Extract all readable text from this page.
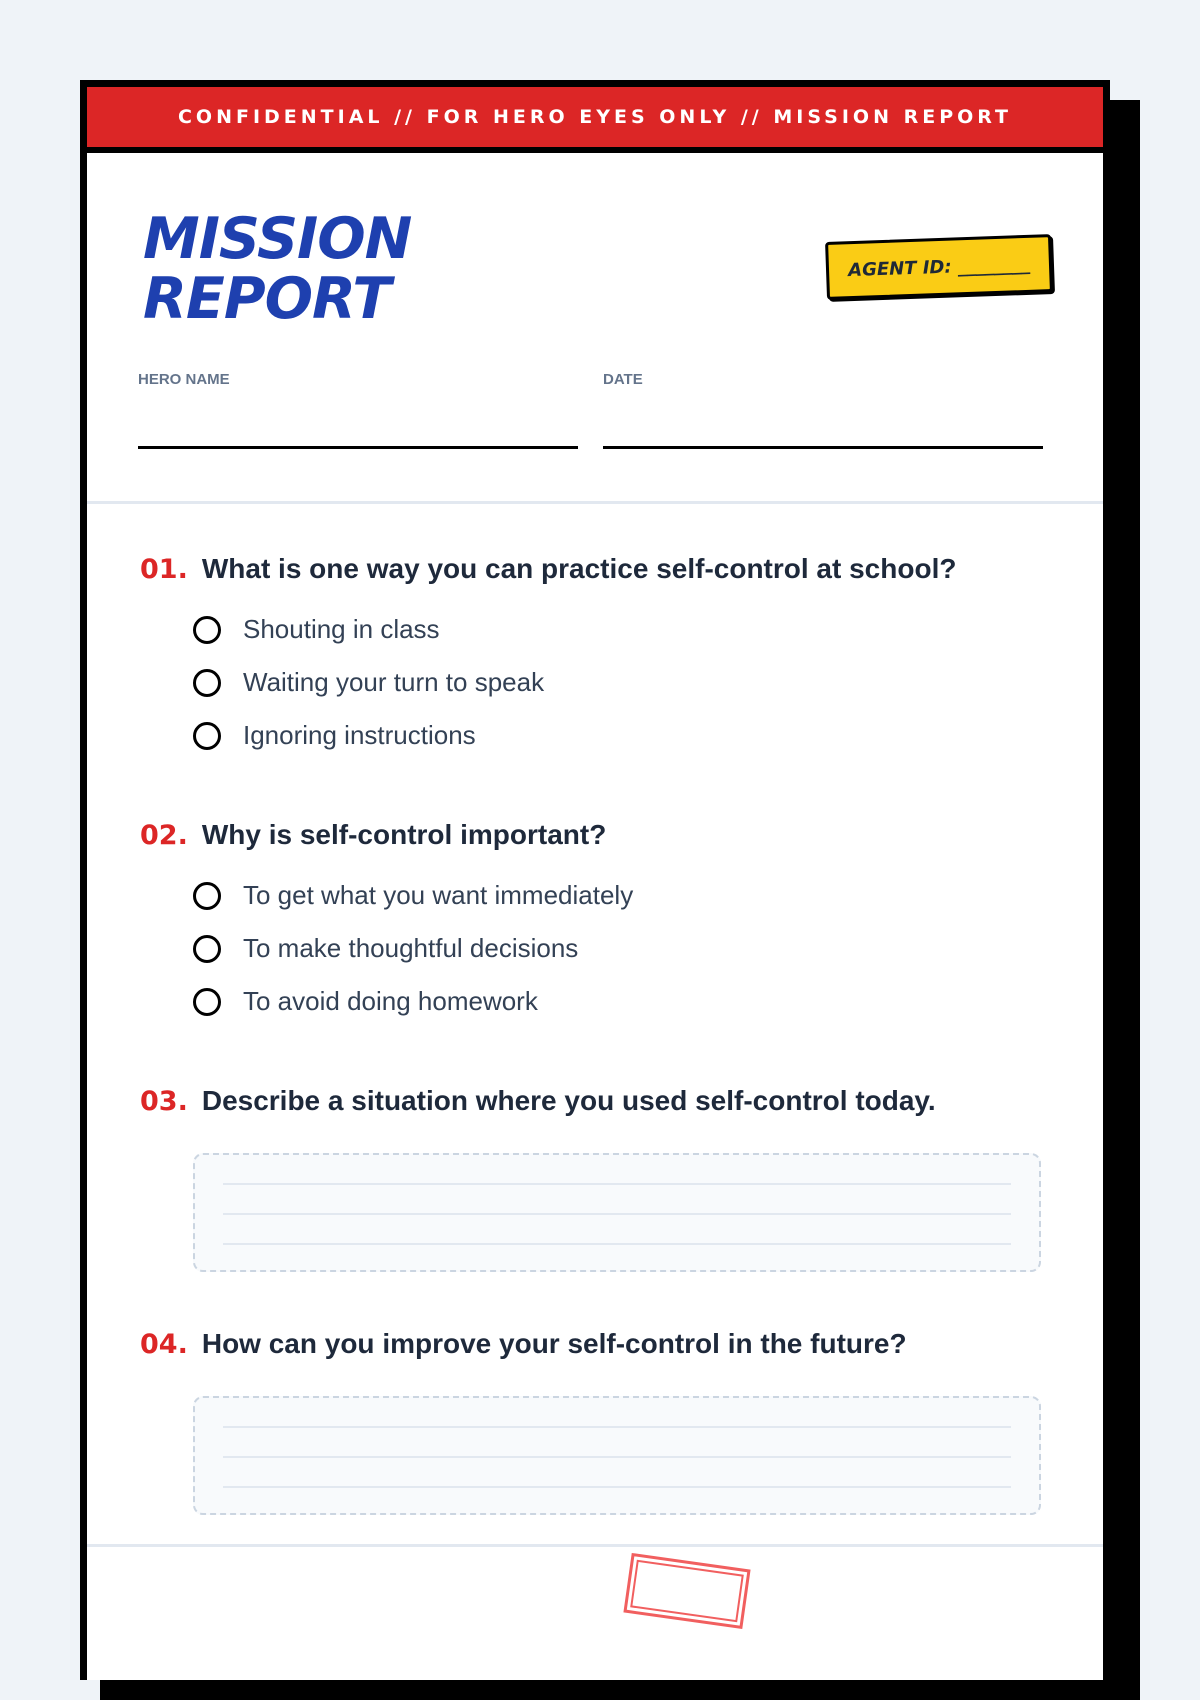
CONFIDENTIAL // FOR HERO EYES ONLY // MISSION REPORT
MISSION
REPORT	AGENT ID: ________
HERO NAME	DATE
01. What is one way you can practice self-control at school?
Shouting in class
Waiting your turn to speak
Ignoring instructions
02. Why is self-control important?
To get what you want immediately
To make thoughtful decisions
To avoid doing homework
03. Describe a situation where you used self-control today.
04. How can you improve your self-control in the future?
